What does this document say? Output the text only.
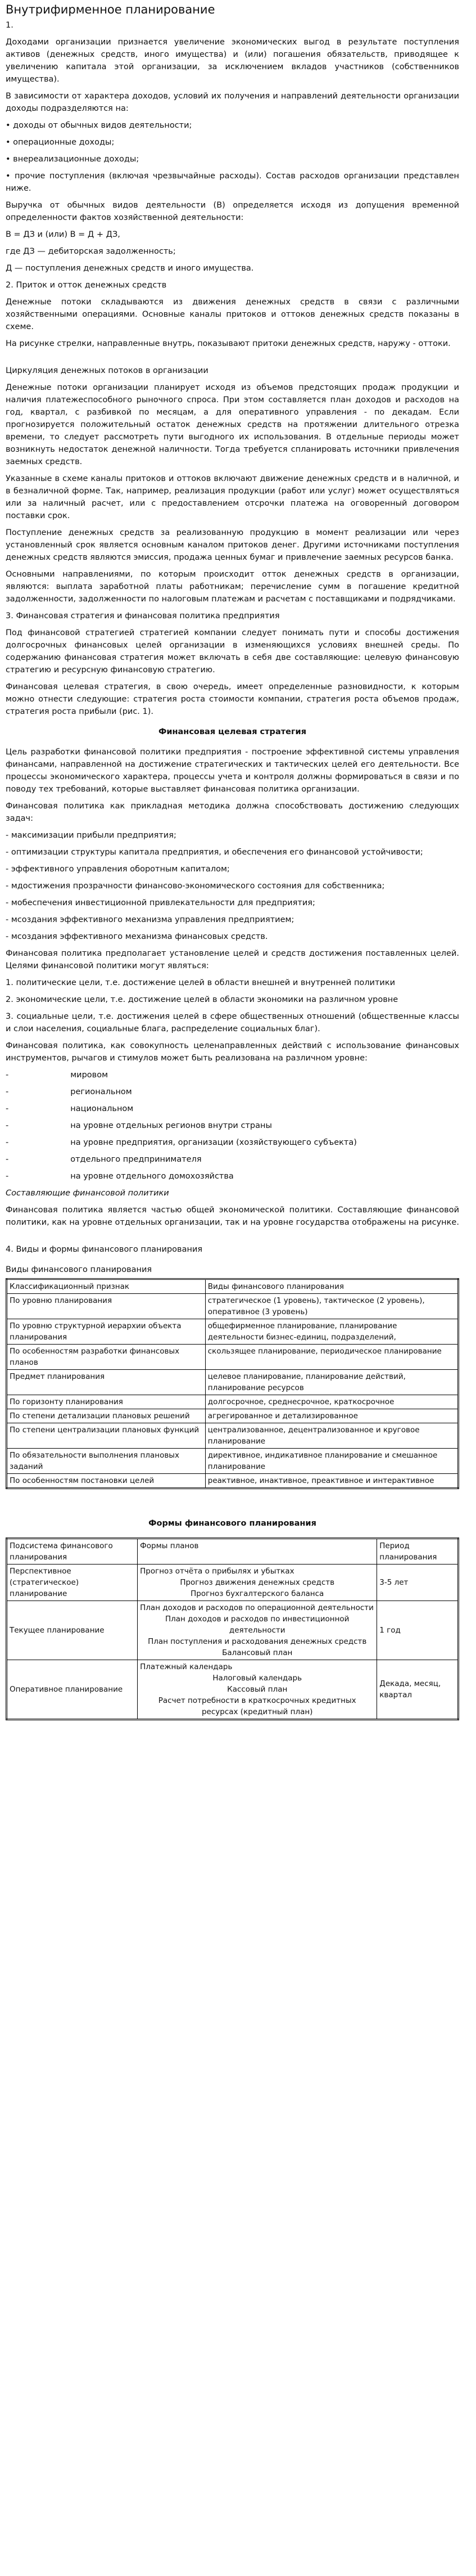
Внутрифирменное планирование

1.

Доходами организации признается увеличение экономических выгод в результате поступления активов (денежных средств, иного имущества) и (или) погашения обязательств, приводящее к увеличению капитала этой организации, за исключением вкладов участников (собственников имущества).

В зависимости от характера доходов, условий их получения и направлений деятельности организации доходы подразделяются на:

• доходы от обычных видов деятельности;

• операционные доходы;

• внереализационные доходы;

• прочие поступления (включая чрезвычайные расходы). Состав расходов организации представлен ниже.

Выручка от обычных видов деятельности (В) определяется исходя из допущения временной определенности фактов хозяйственной деятельности:

В = ДЗ и (или) В = Д + ДЗ,

где ДЗ — дебиторская задолженность;

Д — поступления денежных средств и иного имущества.

2. Приток и отток денежных средств

Денежные потоки складываются из движения денежных средств в связи с различными хозяйственными операциями. Основные каналы притоков и оттоков денежных средств показаны в схеме.

На рисунке стрелки, направленные внутрь, показывают притоки денежных средств, наружу - оттоки.

Циркуляция денежных потоков в организации

Денежные потоки организации планирует исходя из объемов предстоящих продаж продукции и наличия платежеспособного рыночного спроса. При этом составляется план доходов и расходов на год, квартал, с разбивкой по месяцам, а для оперативного управления - по декадам. Если прогнозируется положительный остаток денежных средств на протяжении длительного отрезка времени, то следует рассмотреть пути выгодного их использования. В отдельные периоды может возникнуть недостаток денежной наличности. Тогда требуется спланировать источники привлечения заемных средств.

Указанные в схеме каналы притоков и оттоков включают движение денежных средств и в наличной, и в безналичной форме. Так, например, реализация продукции (работ или услуг) может осуществляться или за наличный расчет, или с предоставлением отсрочки платежа на оговоренный договором поставки срок.

Поступление денежных средств за реализованную продукцию в момент реализации или через установленный срок является основным каналом притоков денег. Другими источниками поступления денежных средств являются эмиссия, продажа ценных бумаг и привлечение заемных ресурсов банка.

Основными направлениями, по которым происходит отток денежных средств в организации, являются: выплата заработной платы работникам; перечисление сумм в погашение кредитной задолженности, задолженности по налоговым платежам и расчетам с поставщиками и подрядчиками.

3. Финансовая стратегия и финансовая политика предприятия

Под финансовой стратегией стратегией компании следует понимать пути и способы достижения долгосрочных финансовых целей организации в изменяющихся условиях внешней среды. По содержанию финансовая стратегия может включать в себя две составляющие: целевую финансовую стратегию и ресурсную финансовую стратегию.

Финансовая целевая стратегия, в свою очередь, имеет определенные разновидности, к которым можно отнести следующие: стратегия роста стоимости компании, стратегия роста объемов продаж, стратегия роста прибыли (рис. 1).

Финансовая целевая стратегия

Цель разработки финансовой политики предприятия - построение эффективной системы управления финансами, направленной на достижение стратегических и тактических целей его деятельности. Все процессы экономического характера, процессы учета и контроля должны формироваться в связи и по поводу тех требований, которые выставляет финансовая политика организации.

Финансовая политика как прикладная методика должна способствовать достижению следующих задач:

- максимизации прибыли предприятия;

- оптимизации структуры капитала предприятия, и обеспечения его финансовой устойчивости;

- эффективного управления оборотным капиталом;

- мдостижения прозрачности финансово-экономического состояния для собственника;

- мобеспечения инвестиционной привлекательности для предприятия;

- мсоздания эффективного механизма управления предприятием;

- мсоздания эффективного механизма финансовых средств.

Финансовая политика предполагает установление целей и средств достижения поставленных целей. Целями финансовой политики могут являться:

1. политические цели, т.е. достижение целей в области внешней и внутренней политики

2. экономические цели, т.е. достижение целей в области экономики на различном уровне

3. социальные цели, т.е. достижения целей в сфере общественных отношений (общественные классы и слои населения, социальные блага, распределение социальных благ).

Финансовая политика, как совокупность целенаправленных действий с использование финансовых инструментов, рычагов и стимулов может быть реализована на различном уровне:

-	мировом

-	региональном

-	национальном

-	на уровне отдельных регионов внутри страны

-	на уровне предприятия, организации (хозяйствующего субъекта)

-	отдельного предпринимателя

-	на уровне отдельного домохозяйства

Составляющие финансовой политики

Финансовая политика является частью общей экономической политики. Составляющие финансовой политики, как на уровне отдельных организации, так и на уровне государства отображены на рисунке.

4. Виды и формы финансового планирования

Виды финансового планирования

Классификационный признак	Виды финансового планирования
По уровню планирования	стратегическое (1 уровень), тактическое (2 уровень), оперативное (3 уровень)
По уровню структурной иерархии объекта планирования	общефирменное планирование, планирование деятельности бизнес-единиц, подразделений,
По особенностям разработки финансовых планов	скользящее планирование, периодическое планирование
Предмет планирования	целевое планирование, планирование действий, планирование ресурсов
По горизонту планирования	долгосрочное, среднесрочное, краткосрочное
По степени детализации плановых решений	агрегированное и детализированное
По степени централизации плановых функций	централизованное, децентрализованное и круговое планирование
По обязательности выполнения плановых заданий	директивное, индикативное планирование и смешанное планирование
По особенностям постановки целей	реактивное, инактивное, преактивное и интерактивное

Формы финансового планирования

Подсистема финансового планирования	Формы планов	Период планирования
Перспективное (стратегическое) планирование	Прогноз отчёта о прибылях и убытках
Прогноз движения денежных средств
Прогноз бухгалтерского баланса	3-5 лет
Текущее планирование	План доходов и расходов по операционной деятельности
План доходов и расходов по инвестиционной деятельности
План поступления и расходования денежных средств
Балансовый план	1 год
Оперативное планирование	Платежный календарь
Налоговый календарь
Кассовый план
Расчет потребности в краткосрочных кредитных ресурсах (кредитный план)	Декада, месяц, квартал
